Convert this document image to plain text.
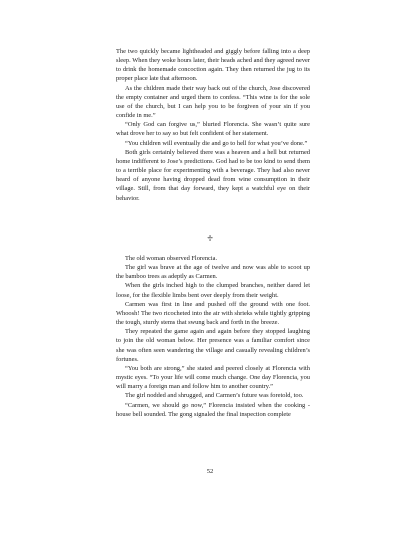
The two quickly became lightheaded and giggly before falling into a deep sleep. When they woke hours later, their heads ached and they agreed never to drink the homemade concoction again. They then returned the jug to its proper place late that afternoon.

As the children made their way back out of the church, Jose discovered the empty container and urged them to confess. “This wine is for the sole use of the church, but I can help you to be forgiven of your sin if you confide in me.”

“Only God can forgive us,” blurted Florencia. She wasn’t quite sure what drove her to say so but felt confident of her statement.

“You children will eventually die and go to hell for what you’ve done.”

Both girls certainly believed there was a heaven and a hell but returned home indifferent to Jose’s predictions. God had to be too kind to send them to a terrible place for experimenting with a beverage. They had also never heard of anyone having dropped dead from wine consumption in their village. Still, from that day forward, they kept a watchful eye on their behavior.

♱

The old woman observed Florencia.

The girl was brave at the age of twelve and now was able to scoot up the bamboo trees as adeptly as Carmen.

When the girls inched high to the clumped branches, neither dared let loose, for the flexible limbs bent over deeply from their weight.

Carmen was first in line and pushed off the ground with one foot. Whoosh! The two ricocheted into the air with shrieks while tightly gripping the tough, sturdy stems that swung back and forth in the breeze.

They repeated the game again and again before they stopped laughing to join the old woman below. Her presence was a familiar comfort since she was often seen wandering the village and casually revealing children’s fortunes.

“You both are strong,” she stated and peered closely at Florencia with mystic eyes. “To your life will come much change. One day Florencia, you will marry a foreign man and follow him to another country.”

The girl nodded and shrugged, and Carmen’s future was foretold, too.

“Carmen, we should go now,” Florencia insisted when the cooking - house bell sounded. The gong signaled the final inspection complete

52
